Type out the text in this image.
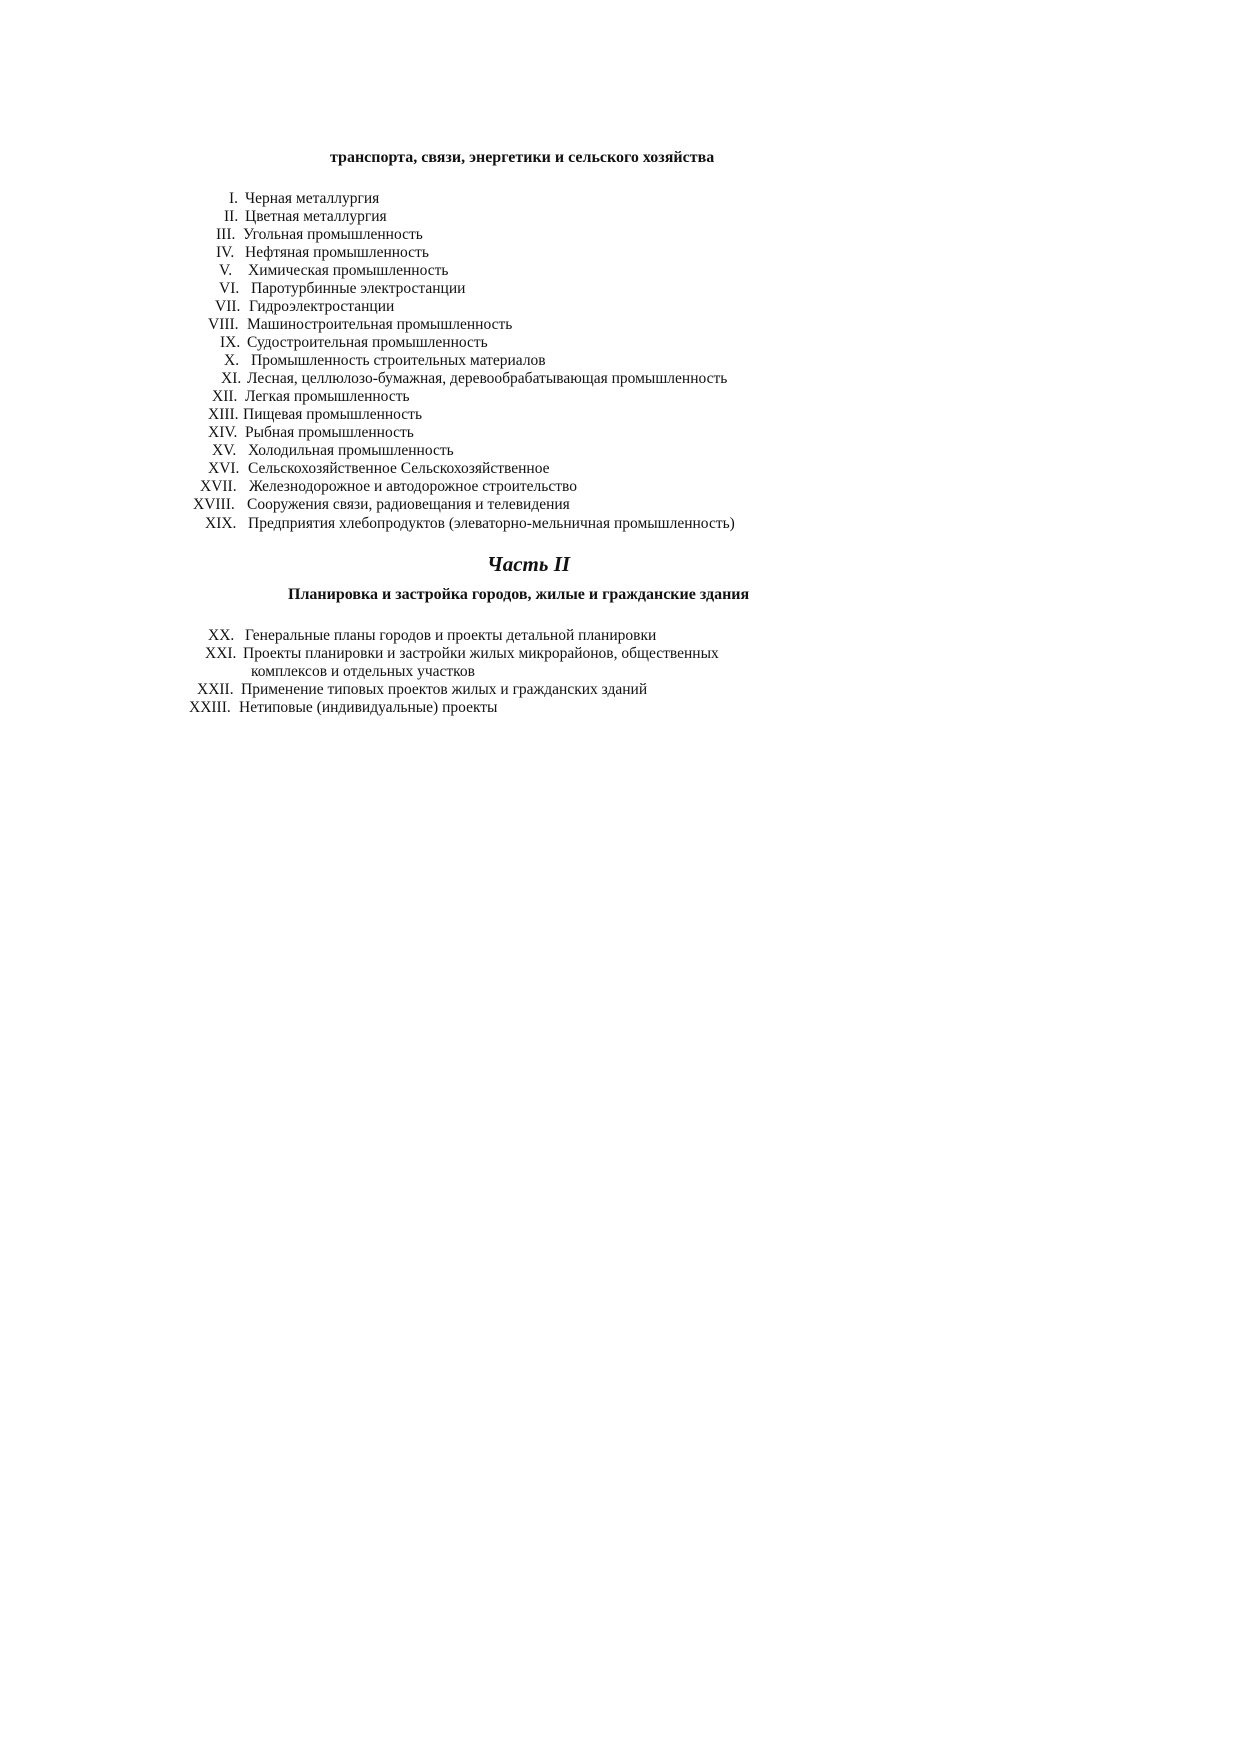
транспорта, связи, энергетики и сельского хозяйства
I. Черная металлургия
II. Цветная металлургия
III. Угольная промышленность
IV. Нефтяная промышленность
V. Химическая промышленность
VI. Паротурбинные электростанции
VII. Гидроэлектростанции
VIII. Машиностроительная промышленность
IX. Судостроительная промышленность
X. Промышленность строительных материалов
XI. Лесная, целлюлозо-бумажная, деревообрабатывающая промышленность
XII. Легкая промышленность
XIII. Пищевая промышленность
XIV. Рыбная промышленность
XV. Холодильная промышленность
XVI. Сельскохозяйственное Сельскохозяйственное
XVII. Железнодорожное и автодорожное строительство
XVIII. Сооружения связи, радиовещания и телевидения
XIX. Предприятия хлебопродуктов (элеваторно-мельничная промышленность)
Часть II
Планировка и застройка городов, жилые и гражданские здания
XX. Генеральные планы городов и проекты детальной планировки
XXI. Проекты планировки и застройки жилых микрорайонов, общественных
комплексов и отдельных участков
XXII. Применение типовых проектов жилых и гражданских зданий
XXIII. Нетиповые (индивидуальные) проекты
